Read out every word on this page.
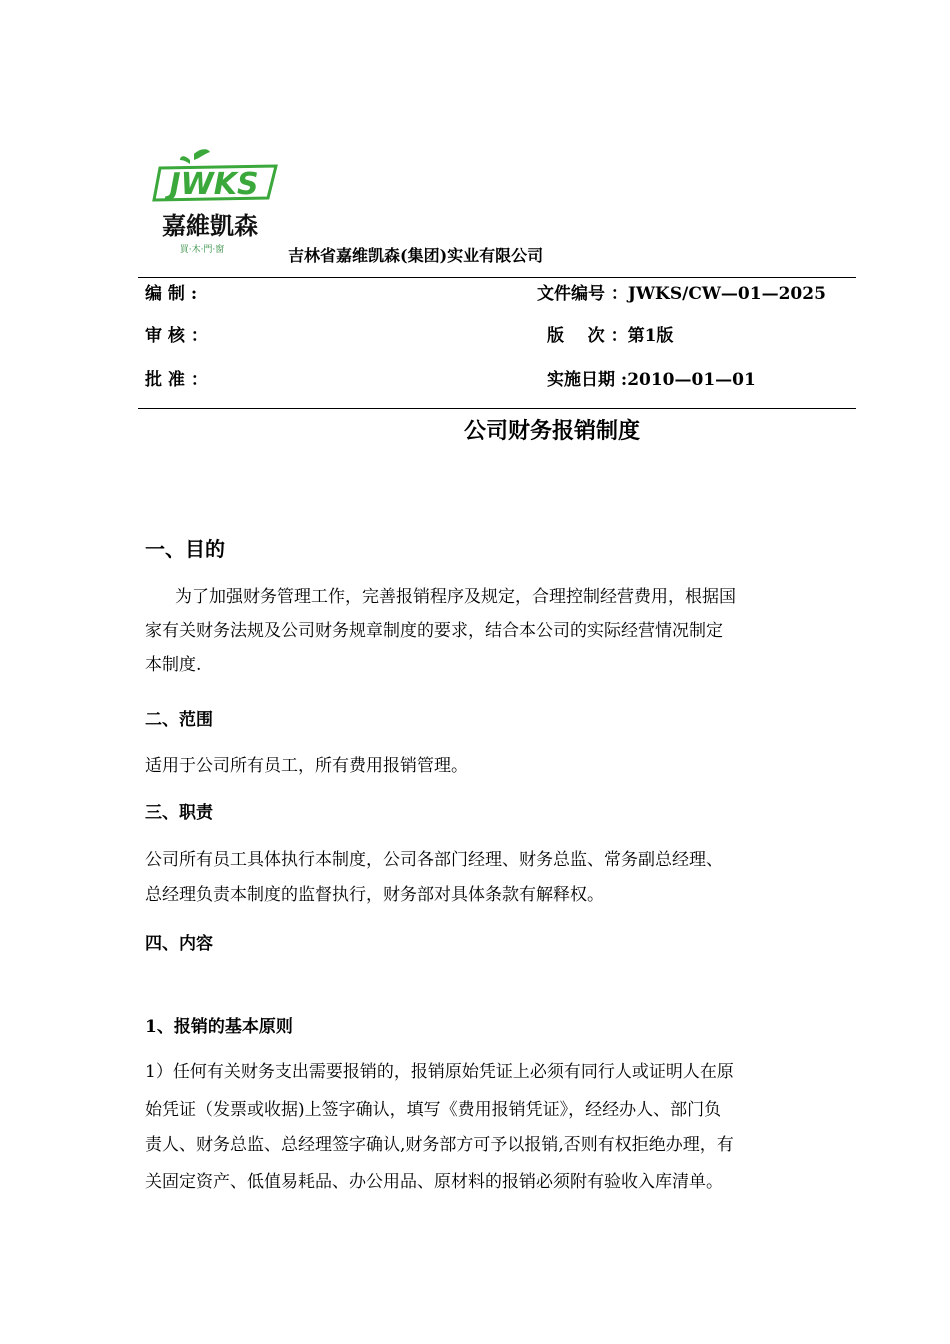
JWKS
嘉維凱森
買·木·門·窗	吉林省嘉维凯森(集团)实业有限公司
编 制 :	文件编号 ：JWKS/CW—01—2025
审 核 ：	版    次 ：第1版
批 准 ：	实施日期 :2010—01—01
公司财务报销制度
一、目的
为了加强财务管理工作，完善报销程序及规定，合理控制经营费用，根据国
家有关财务法规及公司财务规章制度的要求，结合本公司的实际经营情况制定
本制度.
二、范围
适用于公司所有员工，所有费用报销管理。
三、职责
公司所有员工具体执行本制度，公司各部门经理、财务总监、常务副总经理、
总经理负责本制度的监督执行，财务部对具体条款有解释权。
四、内容
1、报销的基本原则
1）任何有关财务支出需要报销的，报销原始凭证上必须有同行人或证明人在原
始凭证（发票或收据)上签字确认，填写《费用报销凭证》，经经办人、部门负
责人、财务总监、总经理签字确认,财务部方可予以报销,否则有权拒绝办理，有
关固定资产、低值易耗品、办公用品、原材料的报销必须附有验收入库清单。
